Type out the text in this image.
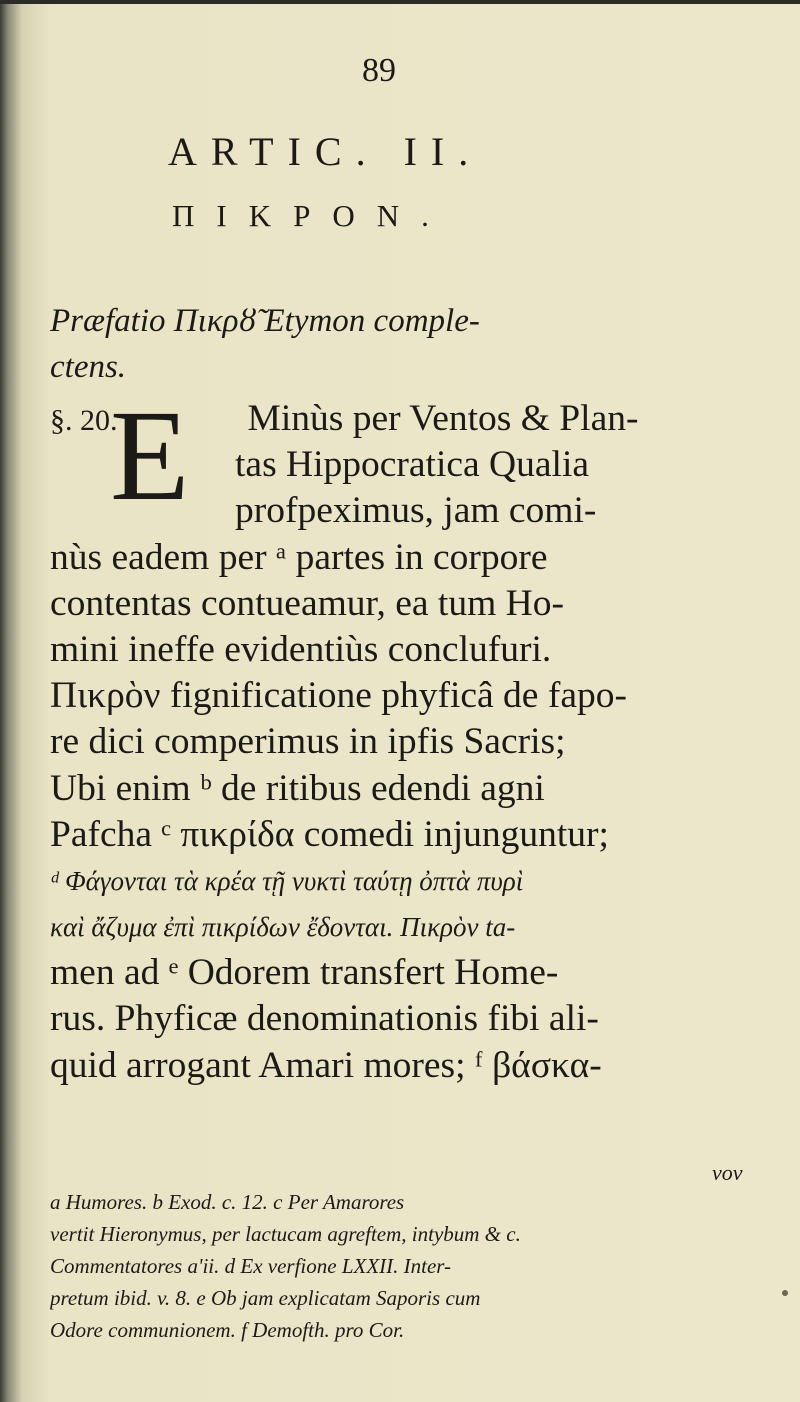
89
ARTIC. II.
ΠΙΚΡΟΝ.
Præfatio Πικρȣ̃ Etymon comple-
ctens.
E
§. 20.	Minùs per Ventos & Plan-
tas Hippocratica Qualia
profpeximus, jam comi-
nùs eadem per ᵃ partes in corpore
contentas contueamur, ea tum Ho-
mini ineffe evidentiùs conclufuri.
Πικρὸν fignificatione phyficâ de fapo-
re dici comperimus in ipfis Sacris;
Ubi enim ᵇ de ritibus edendi agni
Pafcha ᶜ πικρίδα comedi injunguntur;
ᵈ Φάγονται τὰ κρέα τῇ νυκτὶ ταύτῃ ὀπτὰ πυρὶ
καὶ ἄζυμα ἐπὶ πικρίδων ἔδονται. Πικρὸν ta-
men ad ᵉ Odorem transfert Home-
rus. Phyficæ denominationis fibi ali-
quid arrogant Amari mores; ᶠ βάσκα-
νον
a Humores. b Exod. c. 12. c Per Amarores
vertit Hieronymus, per lactucam agreftem, intybum & c.
Commentatores a'ii. d Ex verfione LXXII. Inter-
pretum ibid. v. 8. e Ob jam explicatam Saporis cum
Odore communionem. f Demofth. pro Cor.
